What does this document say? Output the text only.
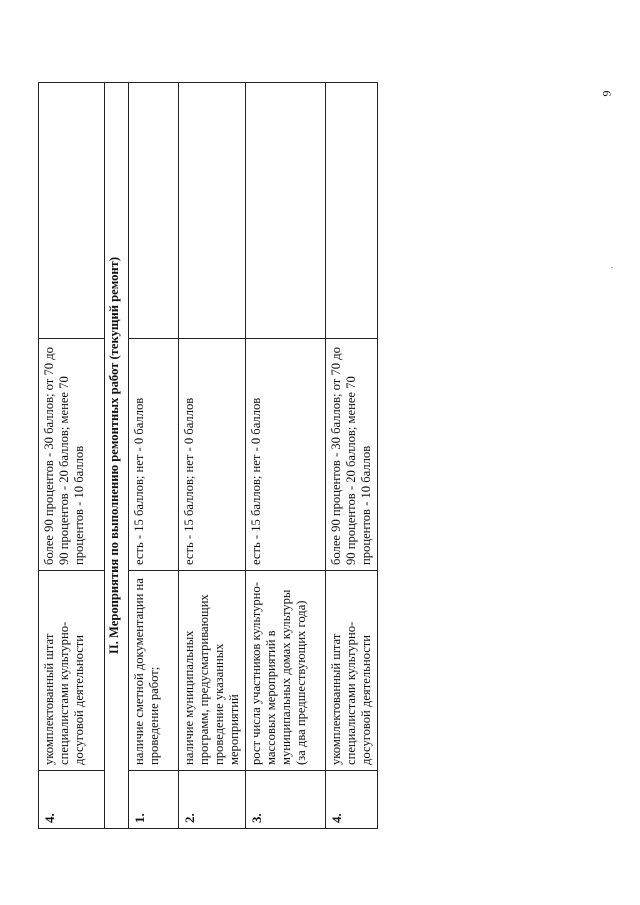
4.	укомплектованный штат специалистами культурно-досуговой деятельности	более 90 процентов - 30 баллов; от 70 до 90 процентов - 20 баллов; менее 70 процентов - 10 баллов	
II. Мероприятия по выполнению ремонтных работ (текущий ремонт)			
1.	наличие сметной документации на проведение работ;	есть - 15 баллов; нет - 0 баллов	
2.	наличие муниципальных программ, предусматривающих проведение указанных мероприятий	есть - 15 баллов; нет - 0 баллов	
3.	рост числа участников культурно-массовых мероприятий в муниципальных домах культуры (за два предшествующих года)	есть - 15 баллов; нет - 0 баллов	
4.	укомплектованный штат специалистами культурно-досуговой деятельности	более 90 процентов - 30 баллов; от 70 до 90 процентов - 20 баллов; менее 70 процентов - 10 баллов	
9
·
